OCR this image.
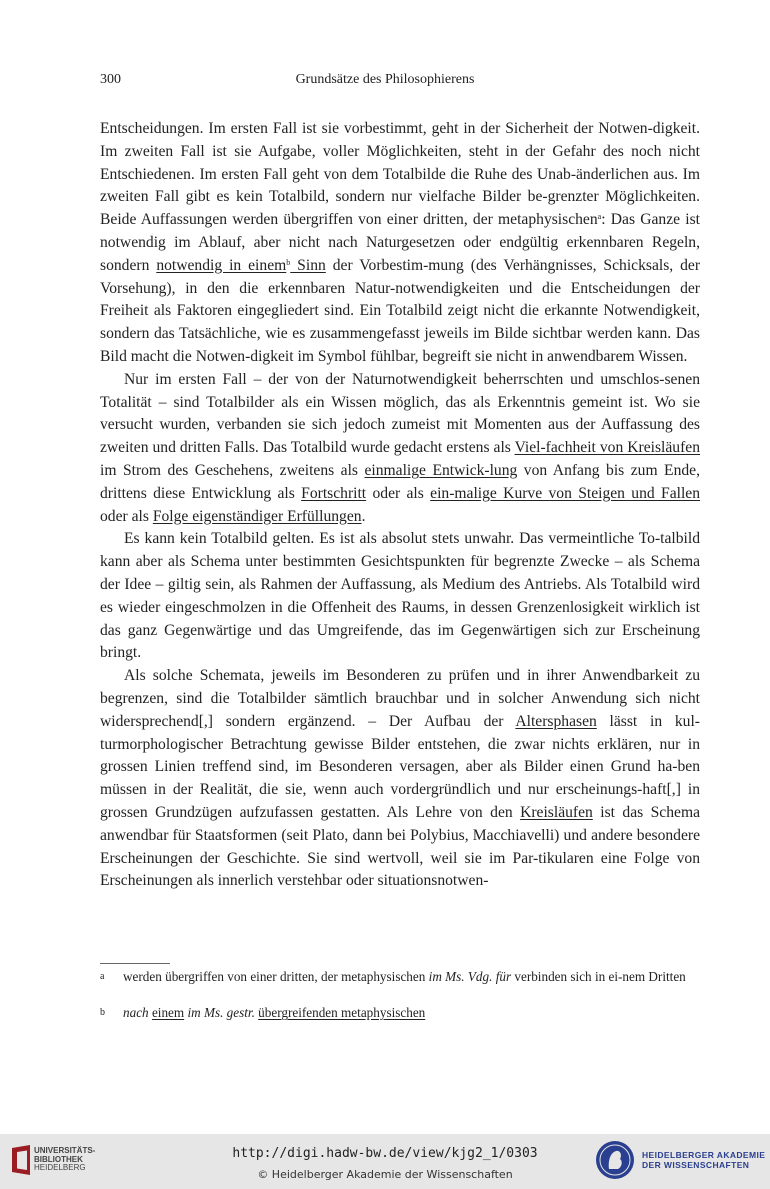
300	Grundsätze des Philosophierens

Entscheidungen. Im ersten Fall ist sie vorbestimmt, geht in der Sicherheit der Notwen-digkeit. Im zweiten Fall ist sie Aufgabe, voller Möglichkeiten, steht in der Gefahr des noch nicht Entschiedenen. Im ersten Fall geht von dem Totalbilde die Ruhe des Unab-änderlichen aus. Im zweiten Fall gibt es kein Totalbild, sondern nur vielfache Bilder be-grenzter Möglichkeiten. Beide Auffassungen werden übergriffen von einer dritten, der metaphysischen$^a$: Das Ganze ist notwendig im Ablauf, aber nicht nach Naturgesetzen oder endgültig erkennbaren Regeln, sondern notwendig in einem$^b$ Sinn der Vorbestim-mung (des Verhängnisses, Schicksals, der Vorsehung), in den die erkennbaren Natur-notwendigkeiten und die Entscheidungen der Freiheit als Faktoren eingegliedert sind. Ein Totalbild zeigt nicht die erkannte Notwendigkeit, sondern das Tatsächliche, wie es zusammengefasst jeweils im Bilde sichtbar werden kann. Das Bild macht die Notwen-digkeit im Symbol fühlbar, begreift sie nicht in anwendbarem Wissen.

Nur im ersten Fall – der von der Naturnotwendigkeit beherrschten und umschlos-senen Totalität – sind Totalbilder als ein Wissen möglich, das als Erkenntnis gemeint ist. Wo sie versucht wurden, verbanden sie sich jedoch zumeist mit Momenten aus der Auffassung des zweiten und dritten Falls. Das Totalbild wurde gedacht erstens als Viel-fachheit von Kreisläufen im Strom des Geschehens, zweitens als einmalige Entwick-lung von Anfang bis zum Ende, drittens diese Entwicklung als Fortschritt oder als ein-malige Kurve von Steigen und Fallen oder als Folge eigenständiger Erfüllungen.

Es kann kein Totalbild gelten. Es ist als absolut stets unwahr. Das vermeintliche To-talbild kann aber als Schema unter bestimmten Gesichtspunkten für begrenzte Zwecke – als Schema der Idee – giltig sein, als Rahmen der Auffassung, als Medium des Antriebs. Als Totalbild wird es wieder eingeschmolzen in die Offenheit des Raums, in dessen Grenzenlosigkeit wirklich ist das ganz Gegenwärtige und das Umgreifende, das im Gegenwärtigen sich zur Erscheinung bringt.

Als solche Schemata, jeweils im Besonderen zu prüfen und in ihrer Anwendbarkeit zu begrenzen, sind die Totalbilder sämtlich brauchbar und in solcher Anwendung sich nicht widersprechend[,] sondern ergänzend. – Der Aufbau der Altersphasen lässt in kul-turmorphologischer Betrachtung gewisse Bilder entstehen, die zwar nichts erklären, nur in grossen Linien treffend sind, im Besonderen versagen, aber als Bilder einen Grund ha-ben müssen in der Realität, die sie, wenn auch vordergründlich und nur erscheinungs-haft[,] in grossen Grundzügen aufzufassen gestatten. Als Lehre von den Kreisläufen ist das Schema anwendbar für Staatsformen (seit Plato, dann bei Polybius, Macchiavelli) und andere besondere Erscheinungen der Geschichte. Sie sind wertvoll, weil sie im Par-tikularen eine Folge von Erscheinungen als innerlich verstehbar oder situationsnotwen-

a werden übergriffen von einer dritten, der metaphysischen im Ms. Vdg. für verbinden sich in ei-nem Dritten
b nach einem im Ms. gestr. übergreifenden metaphysischen
UNIVERSITÄTS-
BIBLIOTHEK
HEIDELBERG
http://digi.hadw-bw.de/view/kjg2_1/0303
© Heidelberger Akademie der Wissenschaften
HEIDELBERGER AKADEMIE
DER WISSENSCHAFTEN
